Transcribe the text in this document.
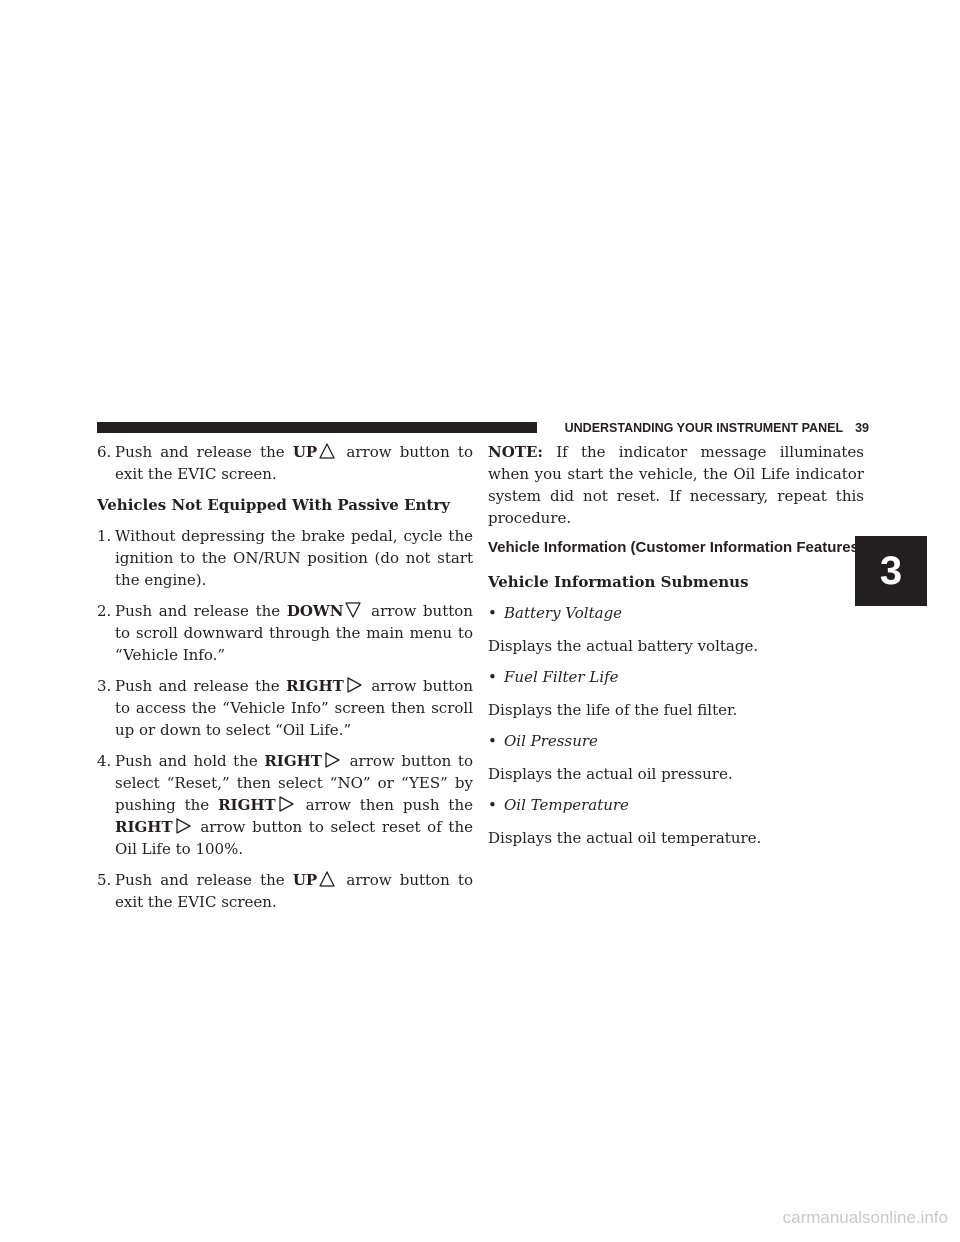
UNDERSTANDING YOUR INSTRUMENT PANEL 39
3
6. Push and release the UP arrow button to exit the EVIC screen.
Vehicles Not Equipped With Passive Entry
1. Without depressing the brake pedal, cycle the ignition to the ON/RUN position (do not start the engine).
2. Push and release the DOWN arrow button to scroll downward through the main menu to “Vehicle Info.”
3. Push and release the RIGHT arrow button to access the “Vehicle Info” screen then scroll up or down to select “Oil Life.”
4. Push and hold the RIGHT arrow button to select “Reset,” then select “NO” or “YES” by pushing the RIGHT arrow then push the RIGHT arrow button to select reset of the Oil Life to 100%.
5. Push and release the UP arrow button to exit the EVIC screen.
NOTE: If the indicator message illuminates when you start the vehicle, the Oil Life indicator system did not reset. If necessary, repeat this procedure.
Vehicle Information (Customer Information Features)
Vehicle Information Submenus
• Battery Voltage
Displays the actual battery voltage.
• Fuel Filter Life
Displays the life of the fuel filter.
• Oil Pressure
Displays the actual oil pressure.
• Oil Temperature
Displays the actual oil temperature.
carmanualsonline.info
